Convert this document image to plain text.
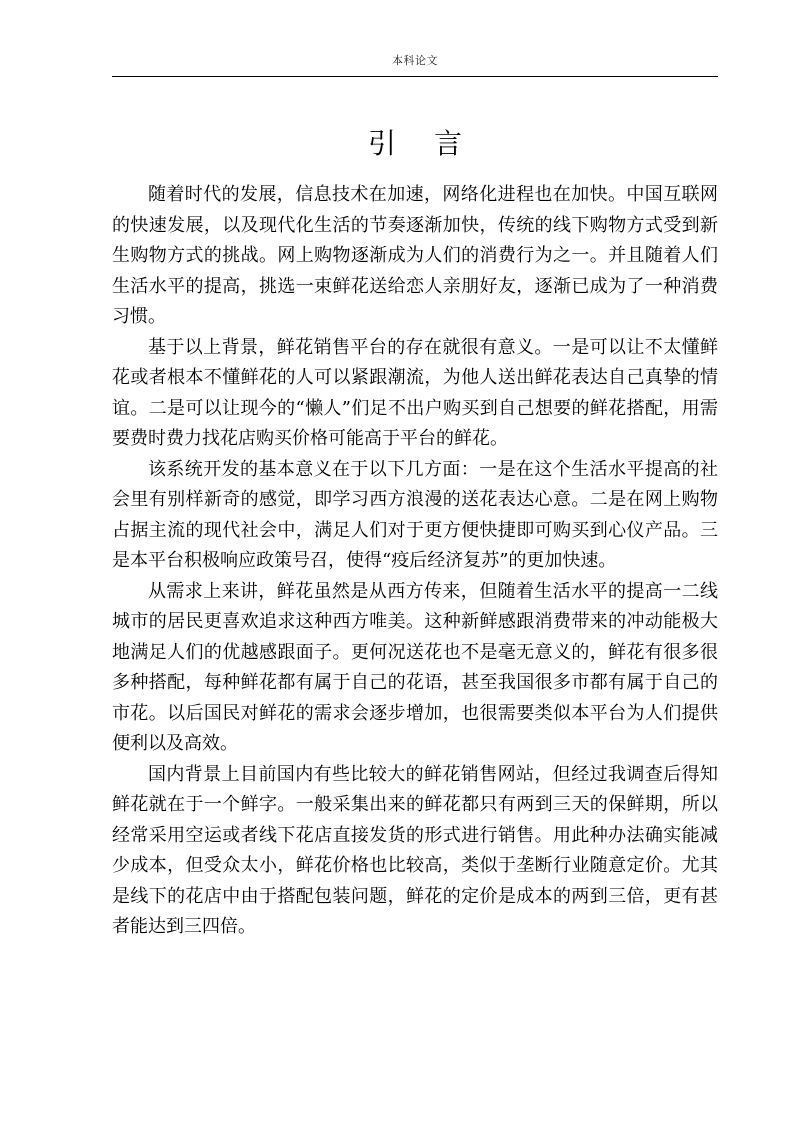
本科论文
引言

随着时代的发展，信息技术在加速，网络化进程也在加快。中国互联网的快速发展，以及现代化生活的节奏逐渐加快，传统的线下购物方式受到新生购物方式的挑战。网上购物逐渐成为人们的消费行为之一。并且随着人们生活水平的提高，挑选一束鲜花送给恋人亲朋好友，逐渐已成为了一种消费习惯。

基于以上背景，鲜花销售平台的存在就很有意义。一是可以让不太懂鲜花或者根本不懂鲜花的人可以紧跟潮流，为他人送出鲜花表达自己真挚的情谊。二是可以让现今的“懒人”们足不出户购买到自己想要的鲜花搭配，用需要费时费力找花店购买价格可能高于平台的鲜花。

该系统开发的基本意义在于以下几方面：一是在这个生活水平提高的社会里有别样新奇的感觉，即学习西方浪漫的送花表达心意。二是在网上购物占据主流的现代社会中，满足人们对于更方便快捷即可购买到心仪产品。三是本平台积极响应政策号召，使得“疫后经济复苏”的更加快速。

从需求上来讲，鲜花虽然是从西方传来，但随着生活水平的提高一二线城市的居民更喜欢追求这种西方唯美。这种新鲜感跟消费带来的冲动能极大地满足人们的优越感跟面子。更何况送花也不是毫无意义的，鲜花有很多很多种搭配，每种鲜花都有属于自己的花语，甚至我国很多市都有属于自己的市花。以后国民对鲜花的需求会逐步增加，也很需要类似本平台为人们提供便利以及高效。

国内背景上目前国内有些比较大的鲜花销售网站，但经过我调查后得知鲜花就在于一个鲜字。一般采集出来的鲜花都只有两到三天的保鲜期，所以经常采用空运或者线下花店直接发货的形式进行销售。用此种办法确实能减少成本，但受众太小，鲜花价格也比较高，类似于垄断行业随意定价。尤其是线下的花店中由于搭配包装问题，鲜花的定价是成本的两到三倍，更有甚者能达到三四倍。
